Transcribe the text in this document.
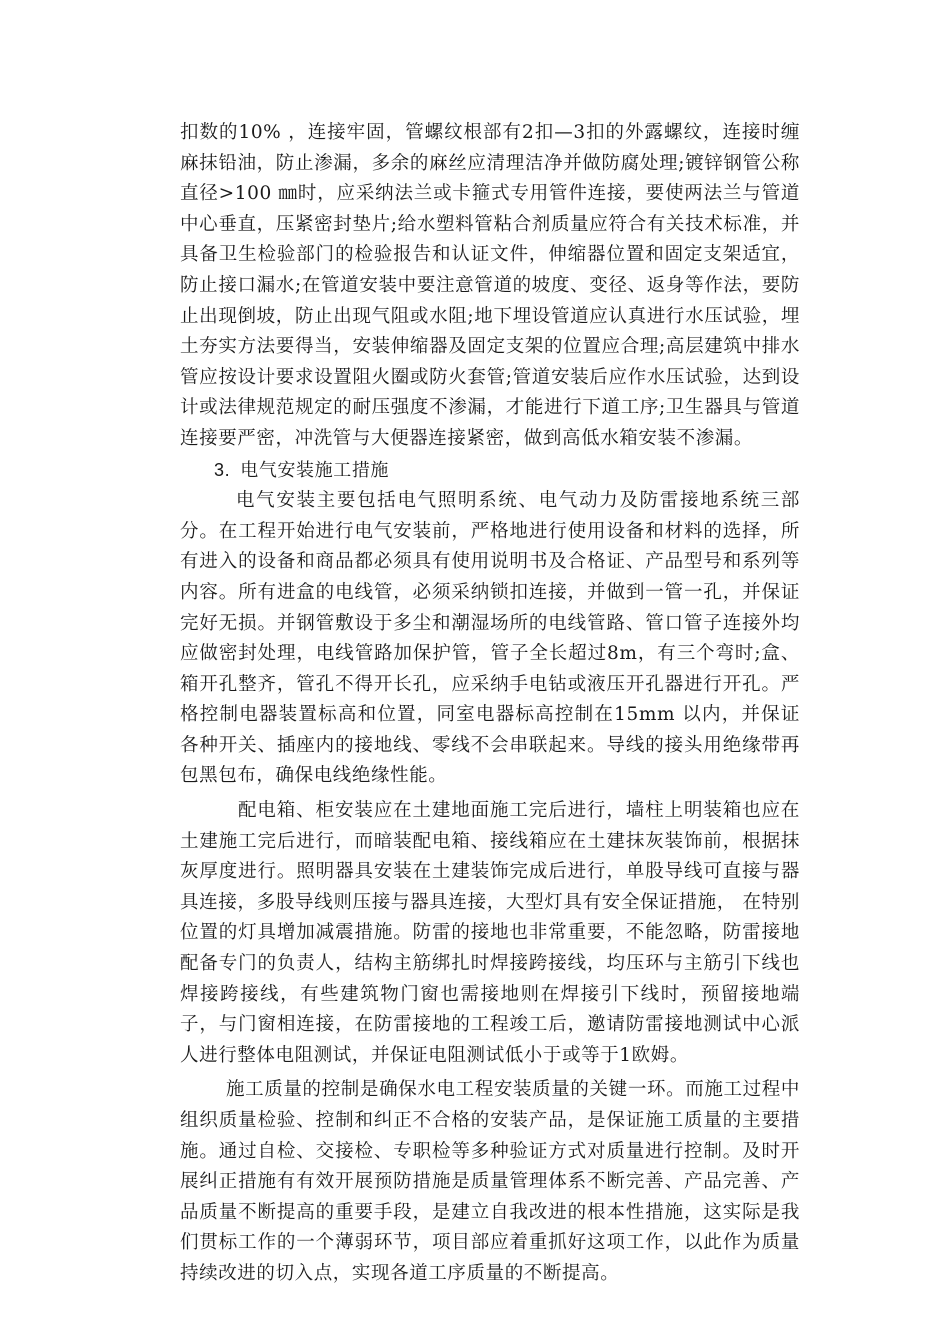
扣数的10% ，连接牢固，管螺纹根部有2扣—3扣的外露螺纹，连接时缠麻抹铅油，防止渗漏，多余的麻丝应清理洁净并做防腐处理;镀锌钢管公称直径>100 ㎜时，应采纳法兰或卡箍式专用管件连接，要使两法兰与管道中心垂直，压紧密封垫片;给水塑料管粘合剂质量应符合有关技术标准，并具备卫生检验部门的检验报告和认证文件，伸缩器位置和固定支架适宜，防止接口漏水;在管道安装中要注意管道的坡度、变径、返身等作法，要防止出现倒坡，防止出现气阻或水阻;地下埋设管道应认真进行水压试验，埋土夯实方法要得当，安装伸缩器及固定支架的位置应合理;高层建筑中排水管应按设计要求设置阻火圈或防火套管;管道安装后应作水压试验，达到设计或法律规范规定的耐压强度不渗漏，才能进行下道工序;卫生器具与管道连接要严密，冲洗管与大便器连接紧密，做到高低水箱安装不渗漏。

3. 电气安装施工措施

电气安装主要包括电气照明系统、电气动力及防雷接地系统三部分。在工程开始进行电气安装前，严格地进行使用设备和材料的选择，所有进入的设备和商品都必须具有使用说明书及合格证、产品型号和系列等内容。所有进盒的电线管，必须采纳锁扣连接，并做到一管一孔，并保证完好无损。并钢管敷设于多尘和潮湿场所的电线管路、管口管子连接外均应做密封处理，电线管路加保护管，管子全长超过8m，有三个弯时;盒、箱开孔整齐，管孔不得开长孔，应采纳手电钻或液压开孔器进行开孔。严格控制电器装置标高和位置，同室电器标高控制在15mm 以内，并保证各种开关、插座内的接地线、零线不会串联起来。导线的接头用绝缘带再包黑包布，确保电线绝缘性能。

配电箱、柜安装应在土建地面施工完后进行，墙柱上明装箱也应在土建施工完后进行，而暗装配电箱、接线箱应在土建抹灰装饰前，根据抹灰厚度进行。照明器具安装在土建装饰完成后进行，单股导线可直接与器具连接，多股导线则压接与器具连接，大型灯具有安全保证措施， 在特别位置的灯具增加减震措施。防雷的接地也非常重要，不能忽略，防雷接地配备专门的负责人，结构主筋绑扎时焊接跨接线，均压环与主筋引下线也焊接跨接线，有些建筑物门窗也需接地则在焊接引下线时，预留接地端子，与门窗相连接，在防雷接地的工程竣工后，邀请防雷接地测试中心派人进行整体电阻测试，并保证电阻测试低小于或等于1欧姆。

施工质量的控制是确保水电工程安装质量的关键一环。而施工过程中组织质量检验、控制和纠正不合格的安装产品，是保证施工质量的主要措施。通过自检、交接检、专职检等多种验证方式对质量进行控制。及时开展纠正措施有有效开展预防措施是质量管理体系不断完善、产品完善、产品质量不断提高的重要手段，是建立自我改进的根本性措施，这实际是我们贯标工作的一个薄弱环节，项目部应着重抓好这项工作，以此作为质量持续改进的切入点，实现各道工序质量的不断提高。
